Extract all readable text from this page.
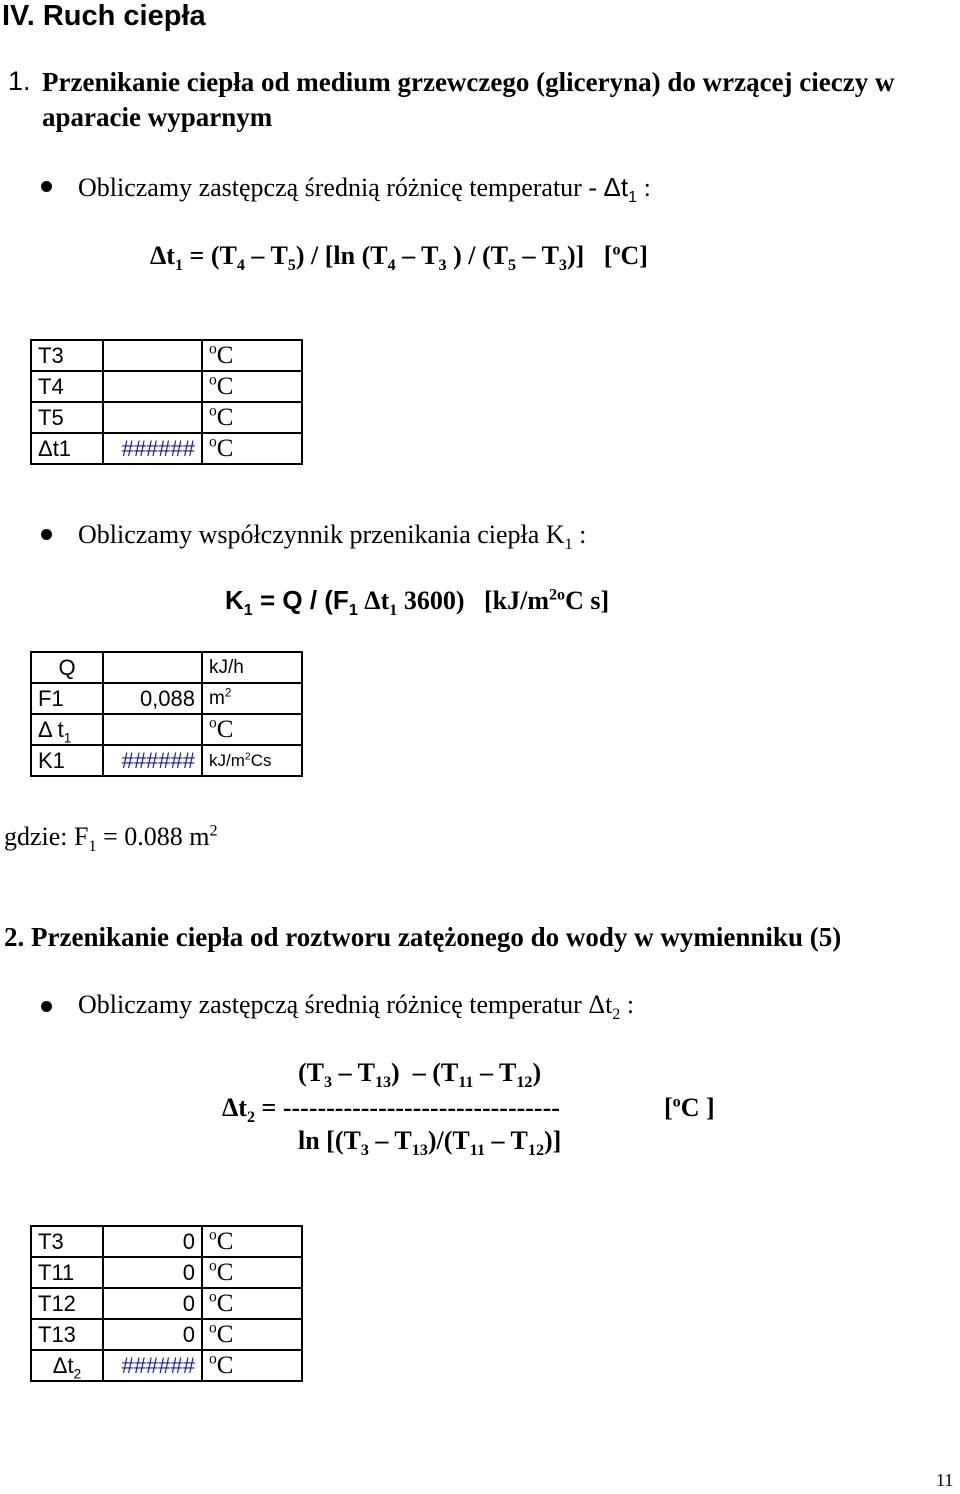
IV. Ruch ciepła
1. Przenikanie ciepła od medium grzewczego (gliceryna) do wrzącej cieczy w
aparacie wyparnym
Obliczamy zastępczą średnią różnicę temperatur - $\Delta t_1$ :
$\Delta t_1 = (T_4 - T_5) / [\ln$ ($T_4 - T_3$ ) / $(T_5 - T_3)$]   [$^o$C]
T3		$^o$C
T4		$^o$C
T5		$^o$C
Δt1	######	$^o$C
Obliczamy współczynnik przenikania ciepła $K_1$ :
$K_1 = Q / (F_1$ $\Delta t_1$ 3600)   [$kJ/m^{2o}C$ s]
Q		kJ/h
F1	0,088	$m^2$
Δ $t_1$		$^o$C
K1	######	$kJ/m^2Cs$
gdzie: $F_1 = 0.088$ $m^2$
2. Przenikanie ciepła od roztworu zatężonego do wody w wymienniku (5)
Obliczamy zastępczą średnią różnicę temperatur $\Delta t_2$ :
$(T_3 - T_{13}) - (T_{11} - T_{12})$
$\Delta t_2$ = --------------------------------	[$^o$C ]
$\ln [(T_3 - T_{13})/(T_{11} - T_{12})]$
T3	0	$^o$C
T11	0	$^o$C
T12	0	$^o$C
T13	0	$^o$C
$\Delta t_2$	######	$^o$C
11
